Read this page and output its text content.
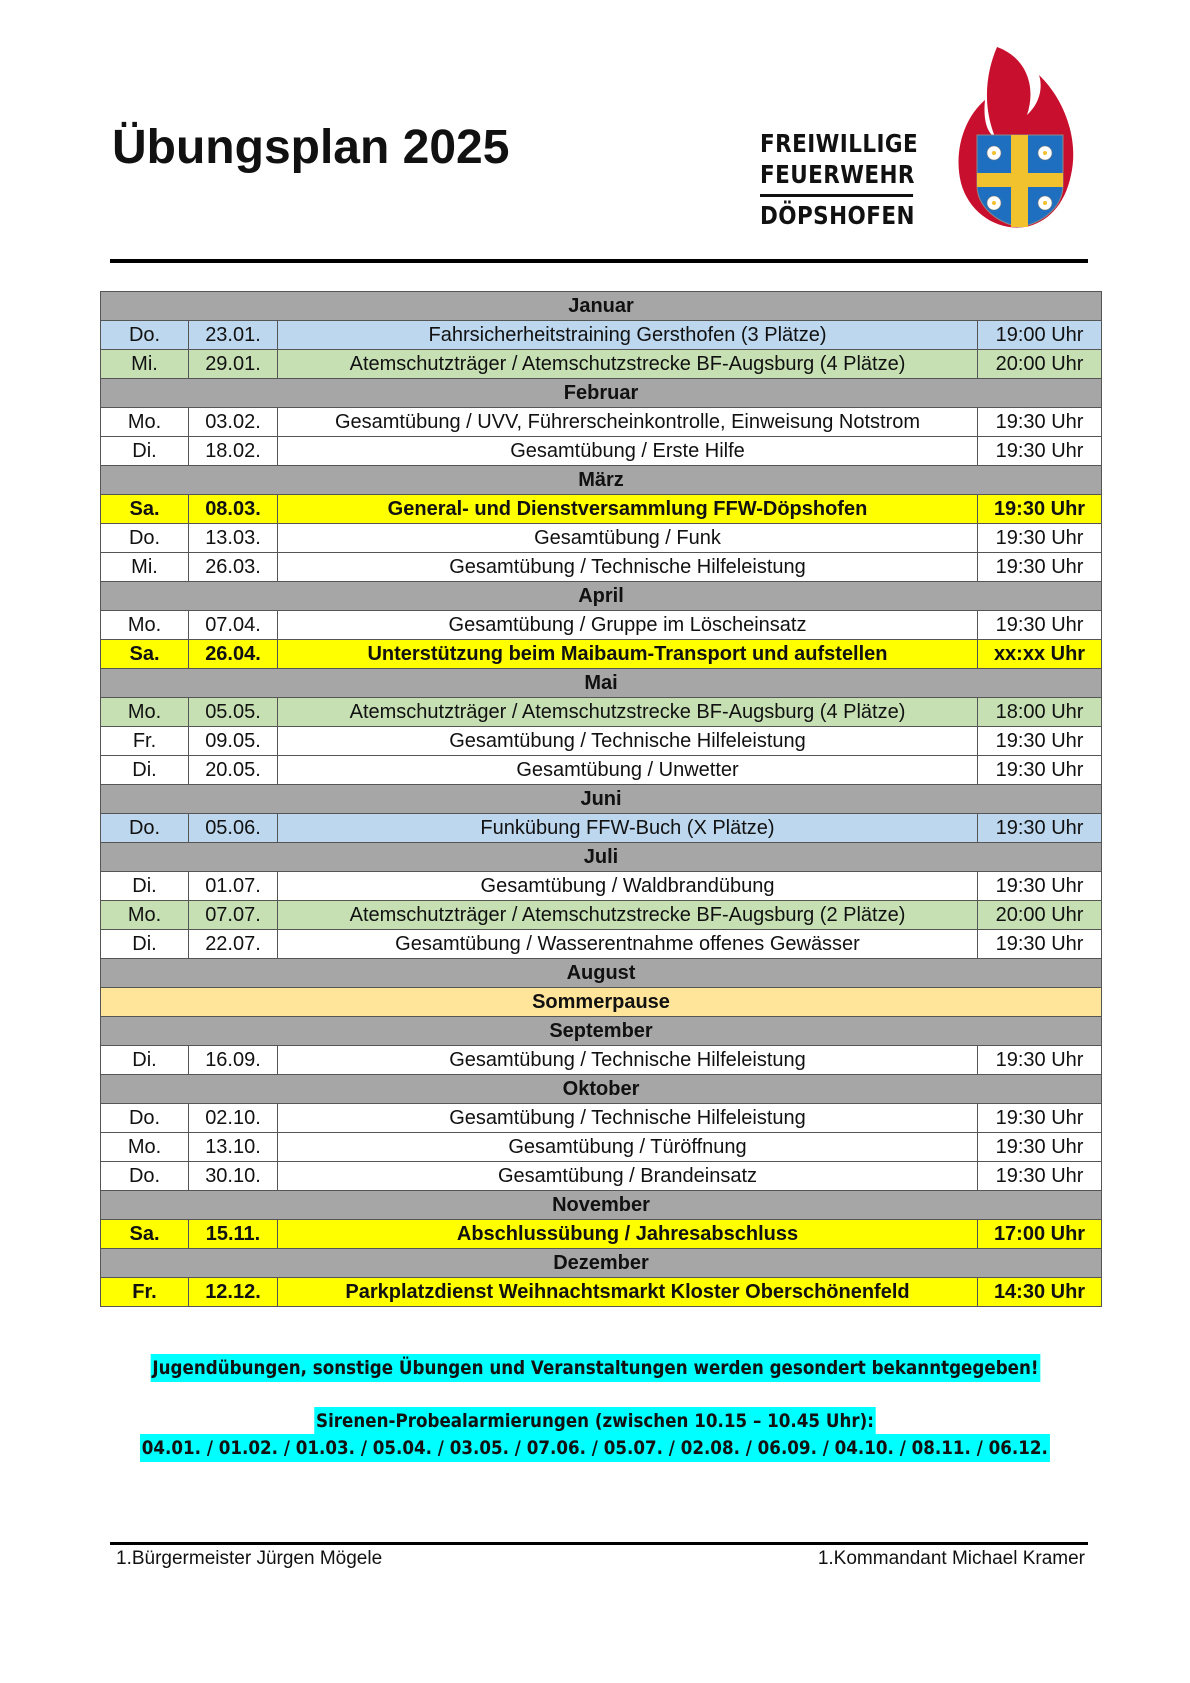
Übungsplan 2025	FREIWILLIGE
FEUERWEHR
DÖPSHOFEN
Januar			
Do.	23.01.	Fahrsicherheitstraining Gersthofen (3 Plätze)	19:00 Uhr
Mi.	29.01.	Atemschutzträger / Atemschutzstrecke BF-Augsburg (4 Plätze)	20:00 Uhr
Februar			
Mo.	03.02.	Gesamtübung / UVV, Führerscheinkontrolle, Einweisung Notstrom	19:30 Uhr
Di.	18.02.	Gesamtübung / Erste Hilfe	19:30 Uhr
März			
Sa.	08.03.	General- und Dienstversammlung FFW-Döpshofen	19:30 Uhr
Do.	13.03.	Gesamtübung / Funk	19:30 Uhr
Mi.	26.03.	Gesamtübung / Technische Hilfeleistung	19:30 Uhr
April			
Mo.	07.04.	Gesamtübung / Gruppe im Löscheinsatz	19:30 Uhr
Sa.	26.04.	Unterstützung beim Maibaum-Transport und aufstellen	xx:xx Uhr
Mai			
Mo.	05.05.	Atemschutzträger / Atemschutzstrecke BF-Augsburg (4 Plätze)	18:00 Uhr
Fr.	09.05.	Gesamtübung / Technische Hilfeleistung	19:30 Uhr
Di.	20.05.	Gesamtübung / Unwetter	19:30 Uhr
Juni			
Do.	05.06.	Funkübung FFW-Buch (X Plätze)	19:30 Uhr
Juli			
Di.	01.07.	Gesamtübung / Waldbrandübung	19:30 Uhr
Mo.	07.07.	Atemschutzträger / Atemschutzstrecke BF-Augsburg (2 Plätze)	20:00 Uhr
Di.	22.07.	Gesamtübung / Wasserentnahme offenes Gewässer	19:30 Uhr
August			
Sommerpause			
September			
Di.	16.09.	Gesamtübung / Technische Hilfeleistung	19:30 Uhr
Oktober			
Do.	02.10.	Gesamtübung / Technische Hilfeleistung	19:30 Uhr
Mo.	13.10.	Gesamtübung / Türöffnung	19:30 Uhr
Do.	30.10.	Gesamtübung / Brandeinsatz	19:30 Uhr
November			
Sa.	15.11.	Abschlussübung / Jahresabschluss	17:00 Uhr
Dezember			
Fr.	12.12.	Parkplatzdienst Weihnachtsmarkt Kloster Oberschönenfeld	14:30 Uhr
Jugendübungen, sonstige Übungen und Veranstaltungen werden gesondert bekanntgegeben!
Sirenen-Probealarmierungen (zwischen 10.15 – 10.45 Uhr):
04.01. / 01.02. / 01.03. / 05.04. / 03.05. / 07.06. / 05.07. / 02.08. / 06.09. / 04.10. / 08.11. / 06.12.
1.Bürgermeister Jürgen Mögele	1.Kommandant Michael Kramer
